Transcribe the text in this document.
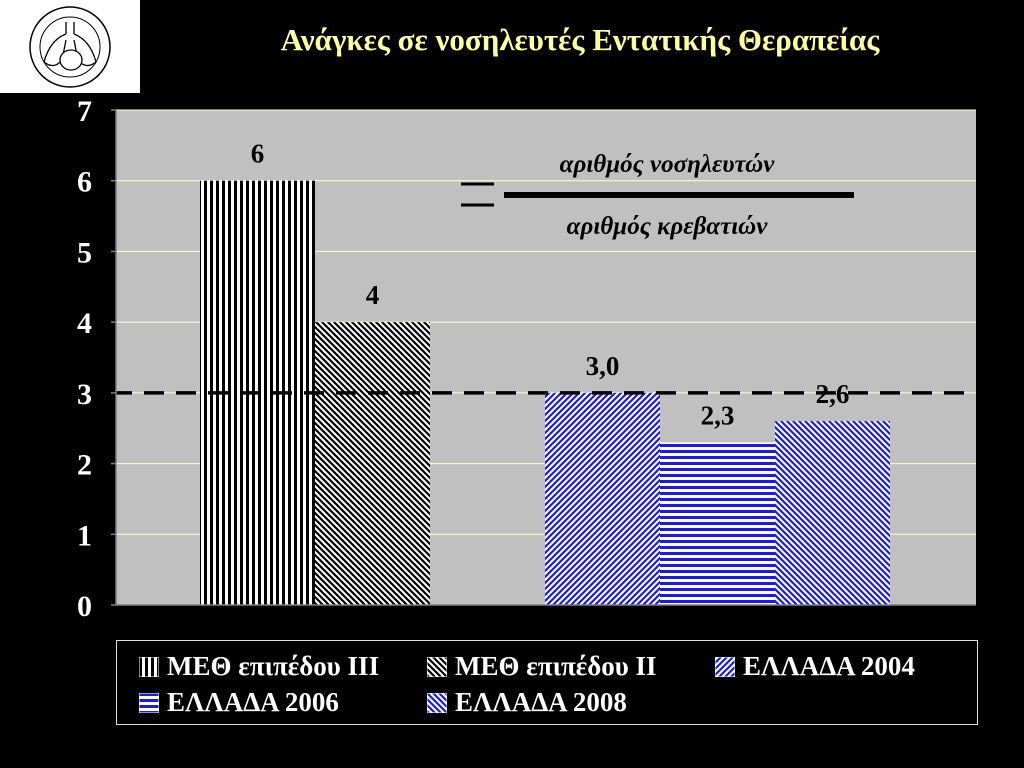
Ανάγκες σε νοσηλευτές Εντατικής Θεραπείας
0
1
2
3
4
5
6
7
6
4
3,0
2,3
2,6
αριθμός νοσηλευτών
αριθμός κρεβατιών
ΜΕΘ επιπέδου ΙΙΙ	ΜΕΘ επιπέδου ΙΙ	ΕΛΛΑΔΑ 2004
ΕΛΛΑΔΑ 2006	ΕΛΛΑΔΑ 2008
